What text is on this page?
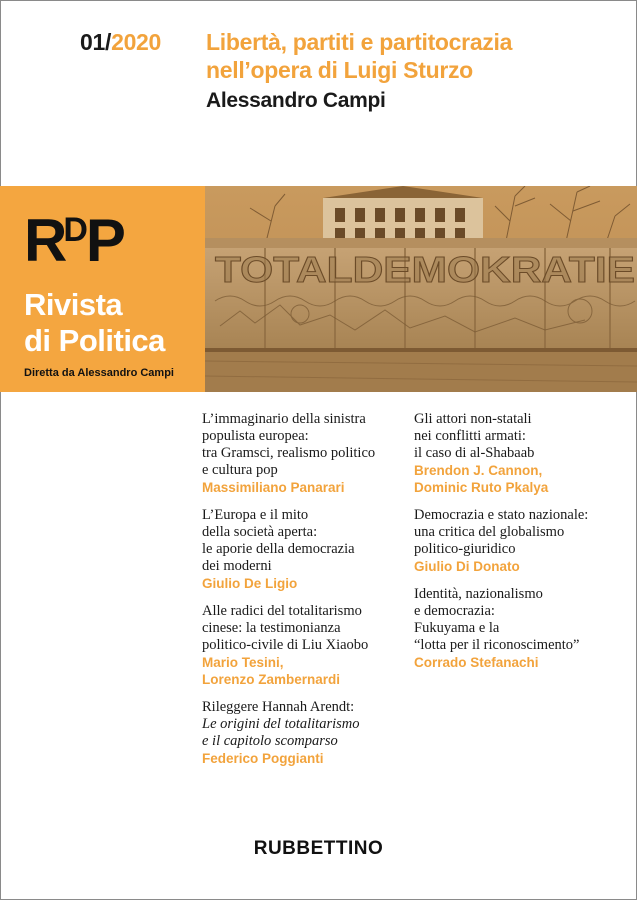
01/2020 Libertà, partiti e partitocrazia
nell’opera di Luigi Sturzo
Alessandro Campi
$R^DP$
Rivista
di Politica
Diretta da Alessandro Campi
TOTALDEMOKRATIE
L’immaginario della sinistra
populista europea:
tra Gramsci, realismo politico
e cultura pop
Massimiliano Panarari
L’Europa e il mito
della società aperta:
le aporie della democrazia
dei moderni
Giulio De Ligio
Alle radici del totalitarismo
cinese: la testimonianza
politico-civile di Liu Xiaobo
Mario Tesini,
Lorenzo Zambernardi
Rileggere Hannah Arendt:
Le origini del totalitarismo
e il capitolo scomparso
Federico Poggianti
Gli attori non-statali
nei conflitti armati:
il caso di al-Shabaab
Brendon J. Cannon,
Dominic Ruto Pkalya
Democrazia e stato nazionale:
una critica del globalismo
politico-giuridico
Giulio Di Donato
Identità, nazionalismo
e democrazia:
Fukuyama e la
“lotta per il riconoscimento”
Corrado Stefanachi
RUBBETTINO
